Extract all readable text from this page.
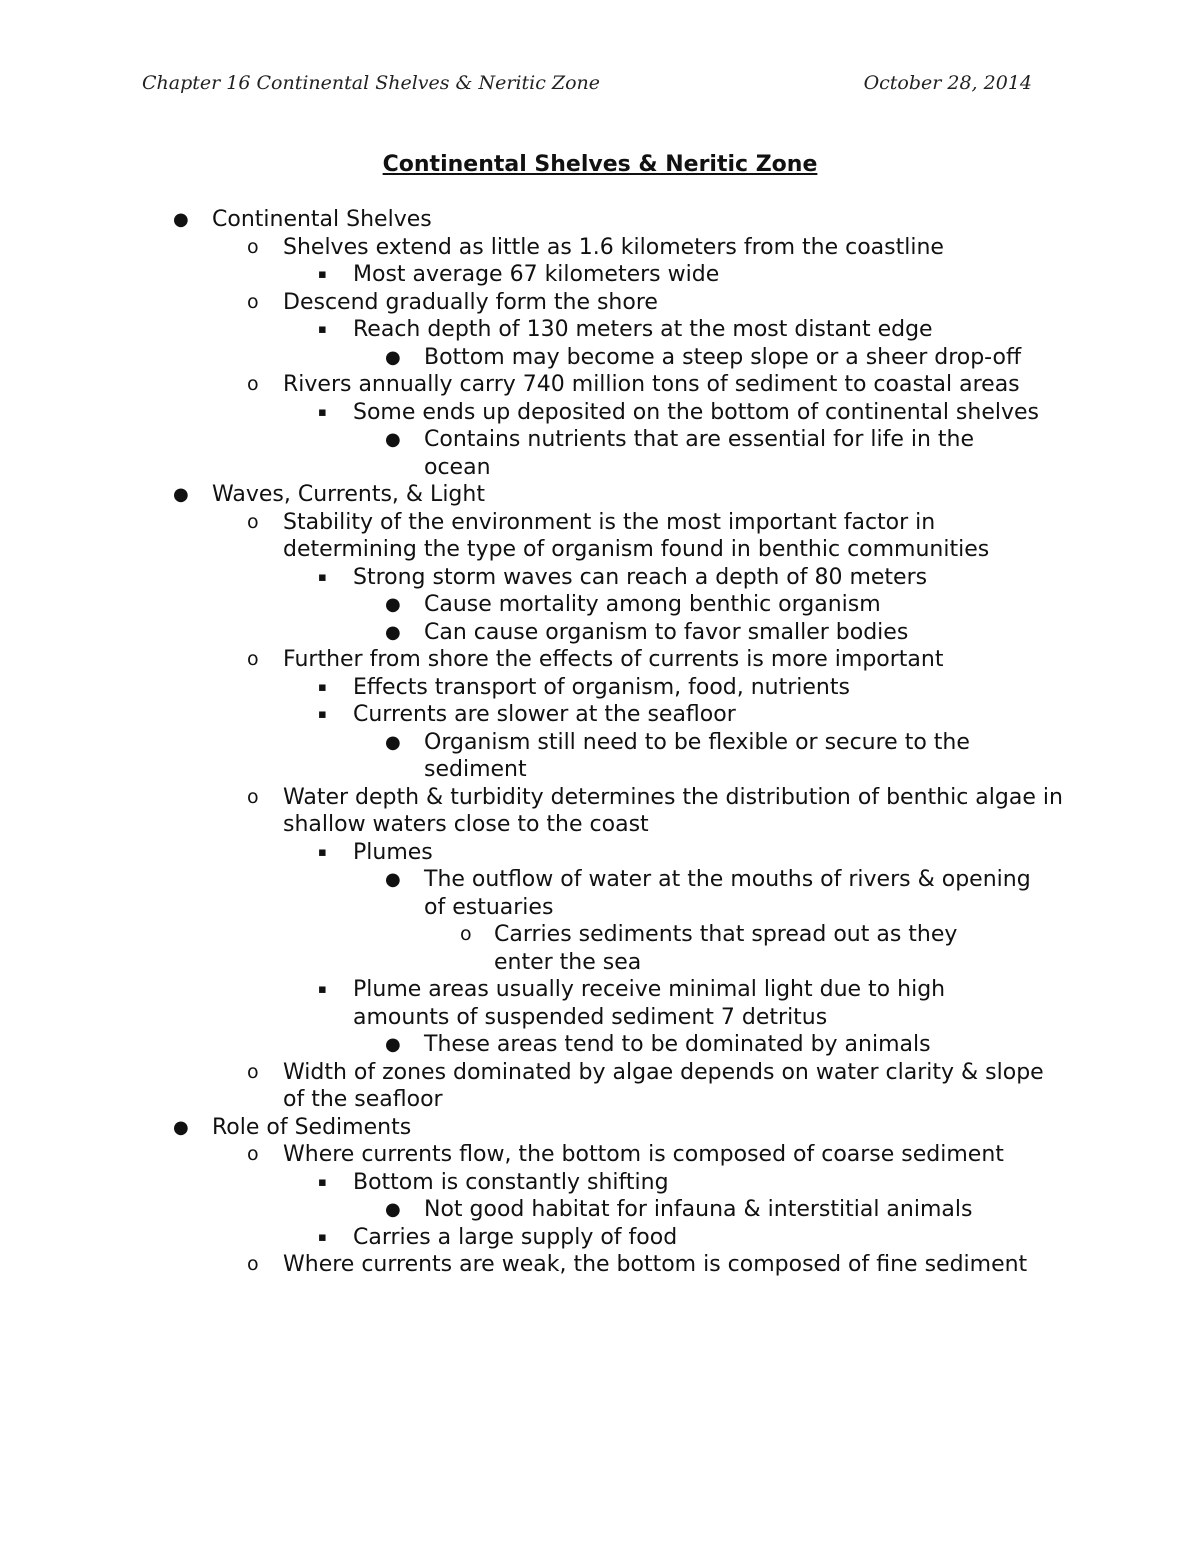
Chapter 16 Continental Shelves & Neritic Zone	October 28, 2014
Continental Shelves & Neritic Zone
● Continental Shelves
o Shelves extend as little as 1.6 kilometers from the coastline
▪ Most average 67 kilometers wide
o Descend gradually form the shore
▪ Reach depth of 130 meters at the most distant edge
● Bottom may become a steep slope or a sheer drop-off
o Rivers annually carry 740 million tons of sediment to coastal areas
▪ Some ends up deposited on the bottom of continental shelves
● Contains nutrients that are essential for life in the ocean
● Waves, Currents, & Light
o Stability of the environment is the most important factor in determining the type of organism found in benthic communities
▪ Strong storm waves can reach a depth of 80 meters
● Cause mortality among benthic organism
● Can cause organism to favor smaller bodies
o Further from shore the effects of currents is more important
▪ Effects transport of organism, food, nutrients
▪ Currents are slower at the seafloor
● Organism still need to be flexible or secure to the sediment
o Water depth & turbidity determines the distribution of benthic algae in shallow waters close to the coast
▪ Plumes
● The outflow of water at the mouths of rivers & opening of estuaries
o Carries sediments that spread out as they enter the sea
▪ Plume areas usually receive minimal light due to high amounts of suspended sediment 7 detritus
● These areas tend to be dominated by animals
o Width of zones dominated by algae depends on water clarity & slope of the seafloor
● Role of Sediments
o Where currents flow, the bottom is composed of coarse sediment
▪ Bottom is constantly shifting
● Not good habitat for infauna & interstitial animals
▪ Carries a large supply of food
o Where currents are weak, the bottom is composed of fine sediment
